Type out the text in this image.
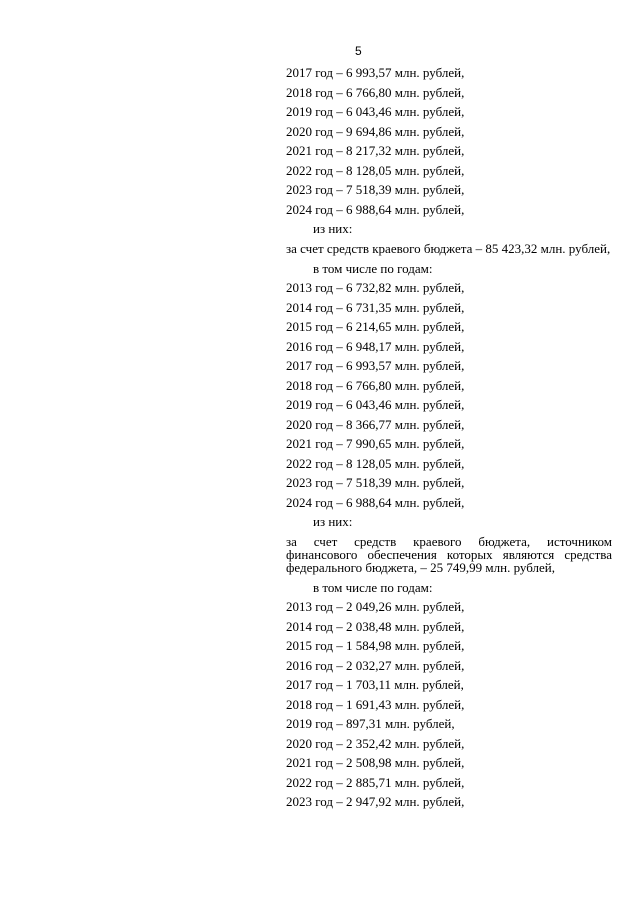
5
2017 год – 6 993,57 млн. рублей,
2018 год – 6 766,80 млн. рублей,
2019 год – 6 043,46 млн. рублей,
2020 год – 9 694,86 млн. рублей,
2021 год – 8 217,32 млн. рублей,
2022 год – 8 128,05 млн. рублей,
2023 год – 7 518,39 млн. рублей,
2024 год – 6 988,64 млн. рублей,
из них:
за счет средств краевого бюджета – 85 423,32 млн. рублей,
в том числе по годам:
2013 год – 6 732,82 млн. рублей,
2014 год – 6 731,35 млн. рублей,
2015 год – 6 214,65 млн. рублей,
2016 год – 6 948,17 млн. рублей,
2017 год – 6 993,57 млн. рублей,
2018 год – 6 766,80 млн. рублей,
2019 год – 6 043,46 млн. рублей,
2020 год – 8 366,77 млн. рублей,
2021 год – 7 990,65 млн. рублей,
2022 год – 8 128,05 млн. рублей,
2023 год – 7 518,39 млн. рублей,
2024 год – 6 988,64 млн. рублей,
из них:
за счет средств краевого бюджета, источником финансового обеспечения которых являются средства федерального бюджета, – 25 749,99 млн. рублей,
в том числе по годам:
2013 год – 2 049,26 млн. рублей,
2014 год – 2 038,48 млн. рублей,
2015 год – 1 584,98 млн. рублей,
2016 год – 2 032,27 млн. рублей,
2017 год – 1 703,11 млн. рублей,
2018 год – 1 691,43 млн. рублей,
2019 год – 897,31 млн. рублей,
2020 год – 2 352,42 млн. рублей,
2021 год – 2 508,98 млн. рублей,
2022 год – 2 885,71 млн. рублей,
2023 год – 2 947,92 млн. рублей,
